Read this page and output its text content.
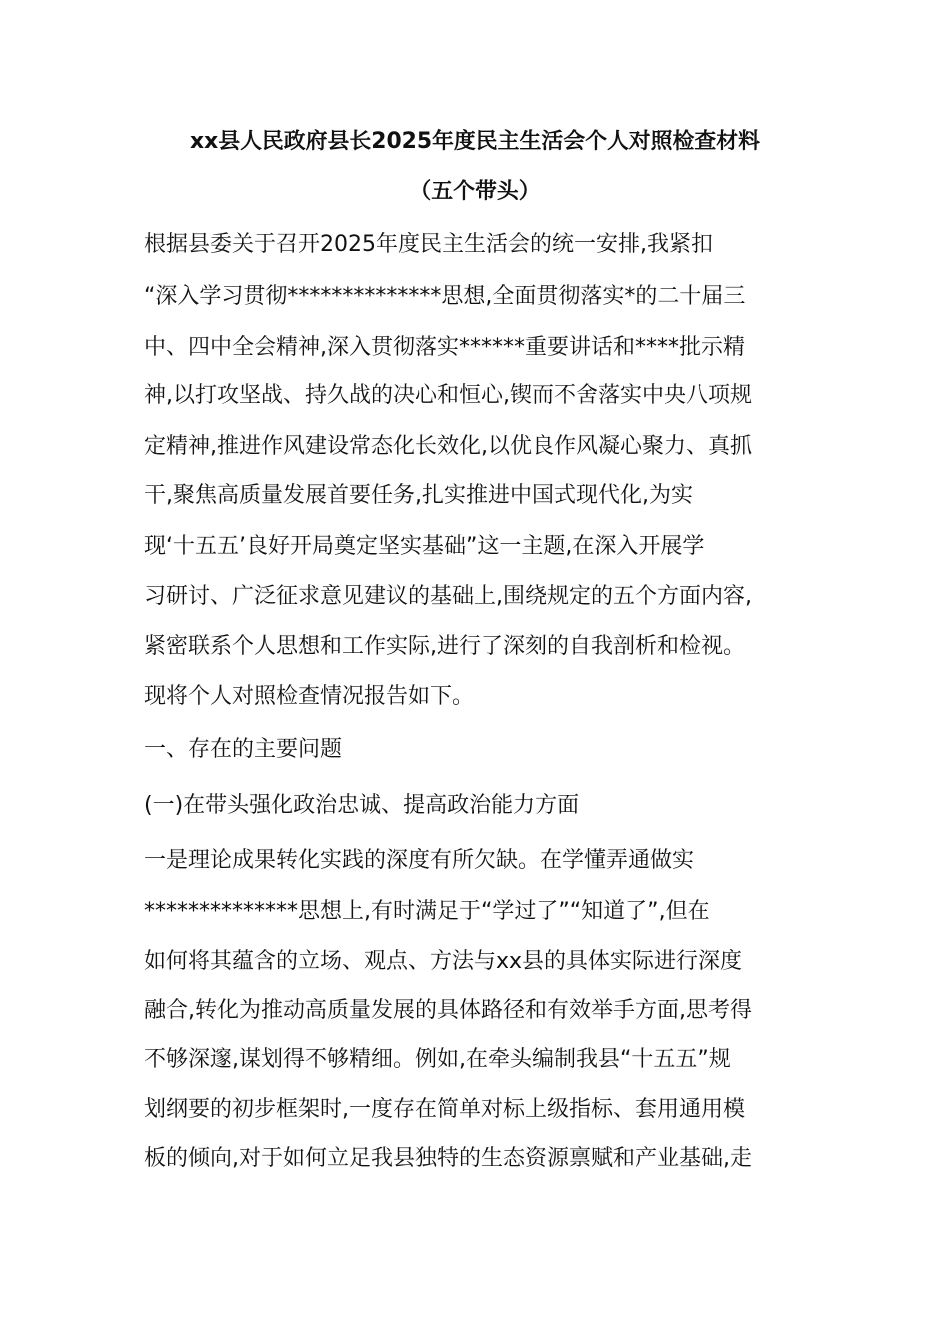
xx县人民政府县长2025年度民主生活会个人对照检查材料
（五个带头）
根据县委关于召开2025年度民主生活会的统一安排,我紧扣
“深入学习贯彻**************思想,全面贯彻落实*的二十届三
中、四中全会精神,深入贯彻落实******重要讲话和****批示精
神,以打攻坚战、持久战的决心和恒心,锲而不舍落实中央八项规
定精神,推进作风建设常态化长效化,以优良作风凝心聚力、真抓
干,聚焦高质量发展首要任务,扎实推进中国式现代化,为实
现‘十五五’良好开局奠定坚实基础”这一主题,在深入开展学
习研讨、广泛征求意见建议的基础上,围绕规定的五个方面内容,
紧密联系个人思想和工作实际,进行了深刻的自我剖析和检视。
现将个人对照检查情况报告如下。
一、存在的主要问题
(一)在带头强化政治忠诚、提高政治能力方面
一是理论成果转化实践的深度有所欠缺。在学懂弄通做实
**************思想上,有时满足于“学过了”“知道了”,但在
如何将其蕴含的立场、观点、方法与xx县的具体实际进行深度
融合,转化为推动高质量发展的具体路径和有效举手方面,思考得
不够深邃,谋划得不够精细。例如,在牵头编制我县“十五五”规
划纲要的初步框架时,一度存在简单对标上级指标、套用通用模
板的倾向,对于如何立足我县独特的生态资源禀赋和产业基础,走
